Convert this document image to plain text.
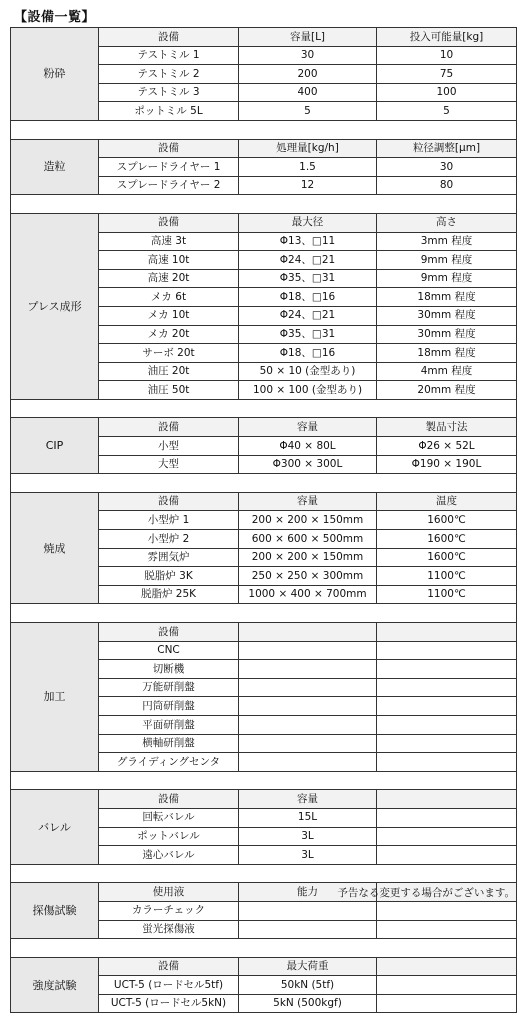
【設備一覧】
粉砕	設備	容量[L]	投入可能量[kg]
	テストミル 1	30	10
	テストミル 2	200	75
	テストミル 3	400	100
	ポットミル 5L	5	5

造粒	設備	処理量[kg/h]	粒径調整[μm]
	スプレードライヤー 1	1.5	30
	スプレードライヤー 2	12	80

プレス成形	設備	最大径	高さ
	高速 3t	Φ13、□11	3mm 程度
	高速 10t	Φ24、□21	9mm 程度
	高速 20t	Φ35、□31	9mm 程度
	メカ 6t	Φ18、□16	18mm 程度
	メカ 10t	Φ24、□21	30mm 程度
	メカ 20t	Φ35、□31	30mm 程度
	サーボ 20t	Φ18、□16	18mm 程度
	油圧 20t	50 × 10 (金型あり)	4mm 程度
	油圧 50t	100 × 100 (金型あり)	20mm 程度

CIP	設備	容量	製品寸法
	小型	Φ40 × 80L	Φ26 × 52L
	大型	Φ300 × 300L	Φ190 × 190L

焼成	設備	容量	温度
	小型炉 1	200 × 200 × 150mm	1600℃
	小型炉 2	600 × 600 × 500mm	1600℃
	雰囲気炉	200 × 200 × 150mm	1600℃
	脱脂炉 3K	250 × 250 × 300mm	1100℃
	脱脂炉 25K	1000 × 400 × 700mm	1100℃

加工	設備		
	CNC		
	切断機		
	万能研削盤		
	円筒研削盤		
	平面研削盤		
	横軸研削盤		
	グライディングセンタ		

バレル	設備	容量	
	回転バレル	15L	
	ポットバレル	3L	
	遠心バレル	3L	

探傷試験	使用液	能力	
	カラーチェック		
	蛍光探傷液		

強度試験	設備	最大荷重	
	UCT-5 (ロードセル5tf)	50kN (5tf)	
	UCT-5 (ロードセル5kN)	5kN (500kgf)	
予告なる変更する場合がございます。
